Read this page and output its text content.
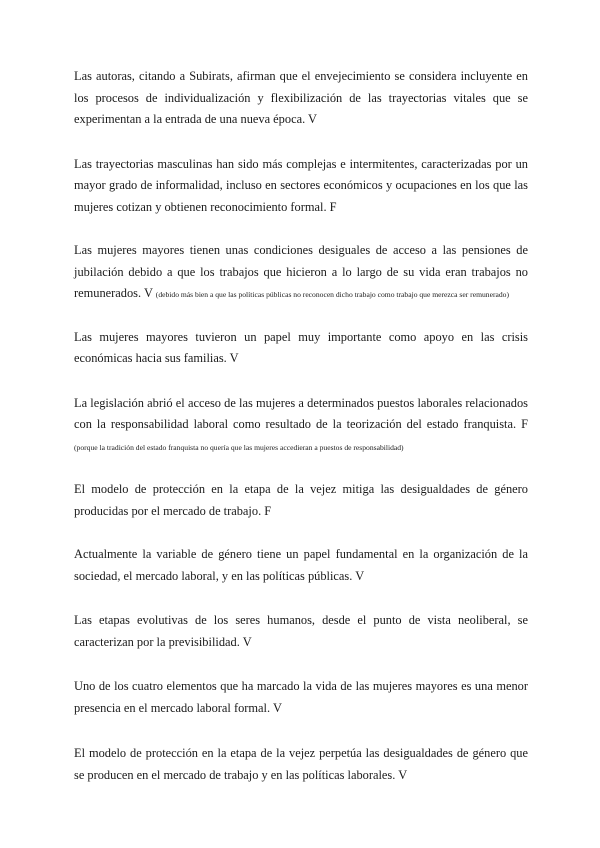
Las autoras, citando a Subirats, afirman que el envejecimiento se considera incluyente en los procesos de individualización y flexibilización de las trayectorias vitales que se experimentan a la entrada de una nueva época. V

Las trayectorias masculinas han sido más complejas e intermitentes, caracterizadas por un mayor grado de informalidad, incluso en sectores económicos y ocupaciones en los que las mujeres cotizan y obtienen reconocimiento formal. F

Las mujeres mayores tienen unas condiciones desiguales de acceso a las pensiones de jubilación debido a que los trabajos que hicieron a lo largo de su vida eran trabajos no remunerados. V (debido más bien a que las políticas públicas no reconocen dicho trabajo como trabajo que merezca ser remunerado)

Las mujeres mayores tuvieron un papel muy importante como apoyo en las crisis económicas hacia sus familias. V

La legislación abrió el acceso de las mujeres a determinados puestos laborales relacionados con la responsabilidad laboral como resultado de la teorización del estado franquista. F (porque la tradición del estado franquista no quería que las mujeres accedieran a puestos de responsabilidad)

El modelo de protección en la etapa de la vejez mitiga las desigualdades de género producidas por el mercado de trabajo. F

Actualmente la variable de género tiene un papel fundamental en la organización de la sociedad, el mercado laboral, y en las políticas públicas. V

Las etapas evolutivas de los seres humanos, desde el punto de vista neoliberal, se caracterizan por la previsibilidad. V

Uno de los cuatro elementos que ha marcado la vida de las mujeres mayores es una menor presencia en el mercado laboral formal. V

El modelo de protección en la etapa de la vejez perpetúa las desigualdades de género que se producen en el mercado de trabajo y en las políticas laborales. V
